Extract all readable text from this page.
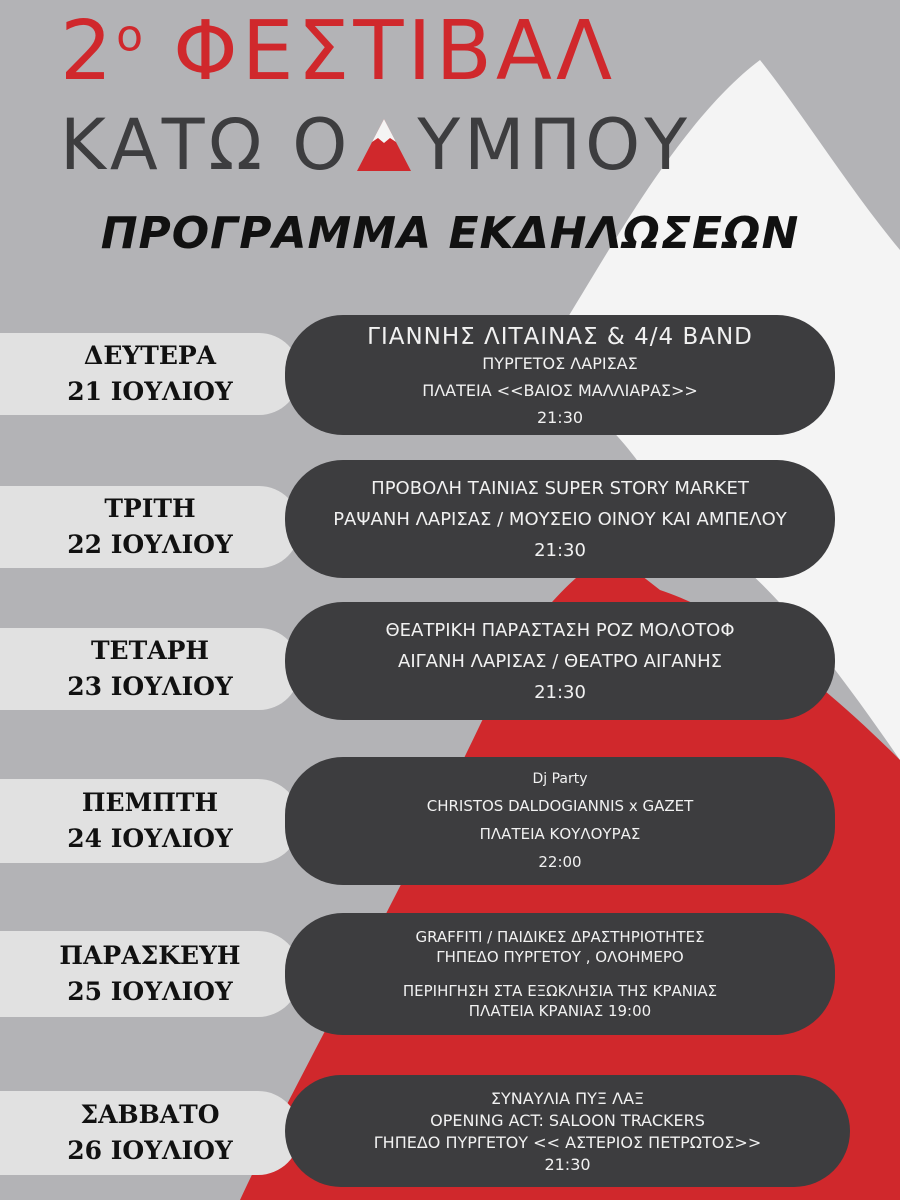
$2^o$ ΦΕΣΤΙΒΑΛ
ΚΑΤΩ Ο ΥΜΠΟΥ
ΠΡΟΓΡΑΜΜΑ ΕΚΔΗΛΩΣΕΩΝ
ΔΕΥΤΕΡΑ
21 ΙΟΥΛΙΟΥ
ΓΙΑΝΝΗΣ ΛΙΤΑΙΝΑΣ & 4/4 BAND
ΠΥΡΓΕΤΟΣ ΛΑΡΙΣΑΣ
ΠΛΑΤΕΙΑ <<ΒΑΙΟΣ ΜΑΛΛΙΑΡΑΣ>>
21:30
ΤΡΙΤΗ
22 ΙΟΥΛΙΟΥ
ΠΡΟΒΟΛΗ ΤΑΙΝΙΑΣ SUPER STORY MARKET
ΡΑΨΑΝΗ ΛΑΡΙΣΑΣ / ΜΟΥΣΕΙΟ ΟΙΝΟΥ ΚΑΙ ΑΜΠΕΛΟΥ
21:30
ΤΕΤΑΡΗ
23 ΙΟΥΛΙΟΥ
ΘΕΑΤΡΙΚΗ ΠΑΡΑΣΤΑΣΗ ΡΟΖ ΜΟΛΟΤΟΦ
ΑΙΓΑΝΗ ΛΑΡΙΣΑΣ / ΘΕΑΤΡΟ ΑΙΓΑΝΗΣ
21:30
ΠΕΜΠΤΗ
24 ΙΟΥΛΙΟΥ
Dj Party
CHRISTOS DALDOGIANNIS x GAZET
ΠΛΑΤΕΙΑ ΚΟΥΛΟΥΡΑΣ
22:00
ΠΑΡΑΣΚΕΥΗ
25 ΙΟΥΛΙΟΥ
GRAFFITI / ΠΑΙΔΙΚΕΣ ΔΡΑΣΤΗΡΙΟΤΗΤΕΣ
ΓΗΠΕΔΟ ΠΥΡΓΕΤΟΥ , ΟΛΟΗΜΕΡΟ
ΠΕΡΙΗΓΗΣΗ ΣΤΑ ΕΞΩΚΛΗΣΙΑ ΤΗΣ ΚΡΑΝΙΑΣ
ΠΛΑΤΕΙΑ ΚΡΑΝΙΑΣ 19:00
ΣΑΒΒΑΤΟ
26 ΙΟΥΛΙΟΥ
ΣΥΝΑΥΛΙΑ ΠΥΞ ΛΑΞ
OPENING ACT: SALOON TRACKERS
ΓΗΠΕΔΟ ΠΥΡΓΕΤΟΥ << ΑΣΤΕΡΙΟΣ ΠΕΤΡΩΤΟΣ>>
21:30
